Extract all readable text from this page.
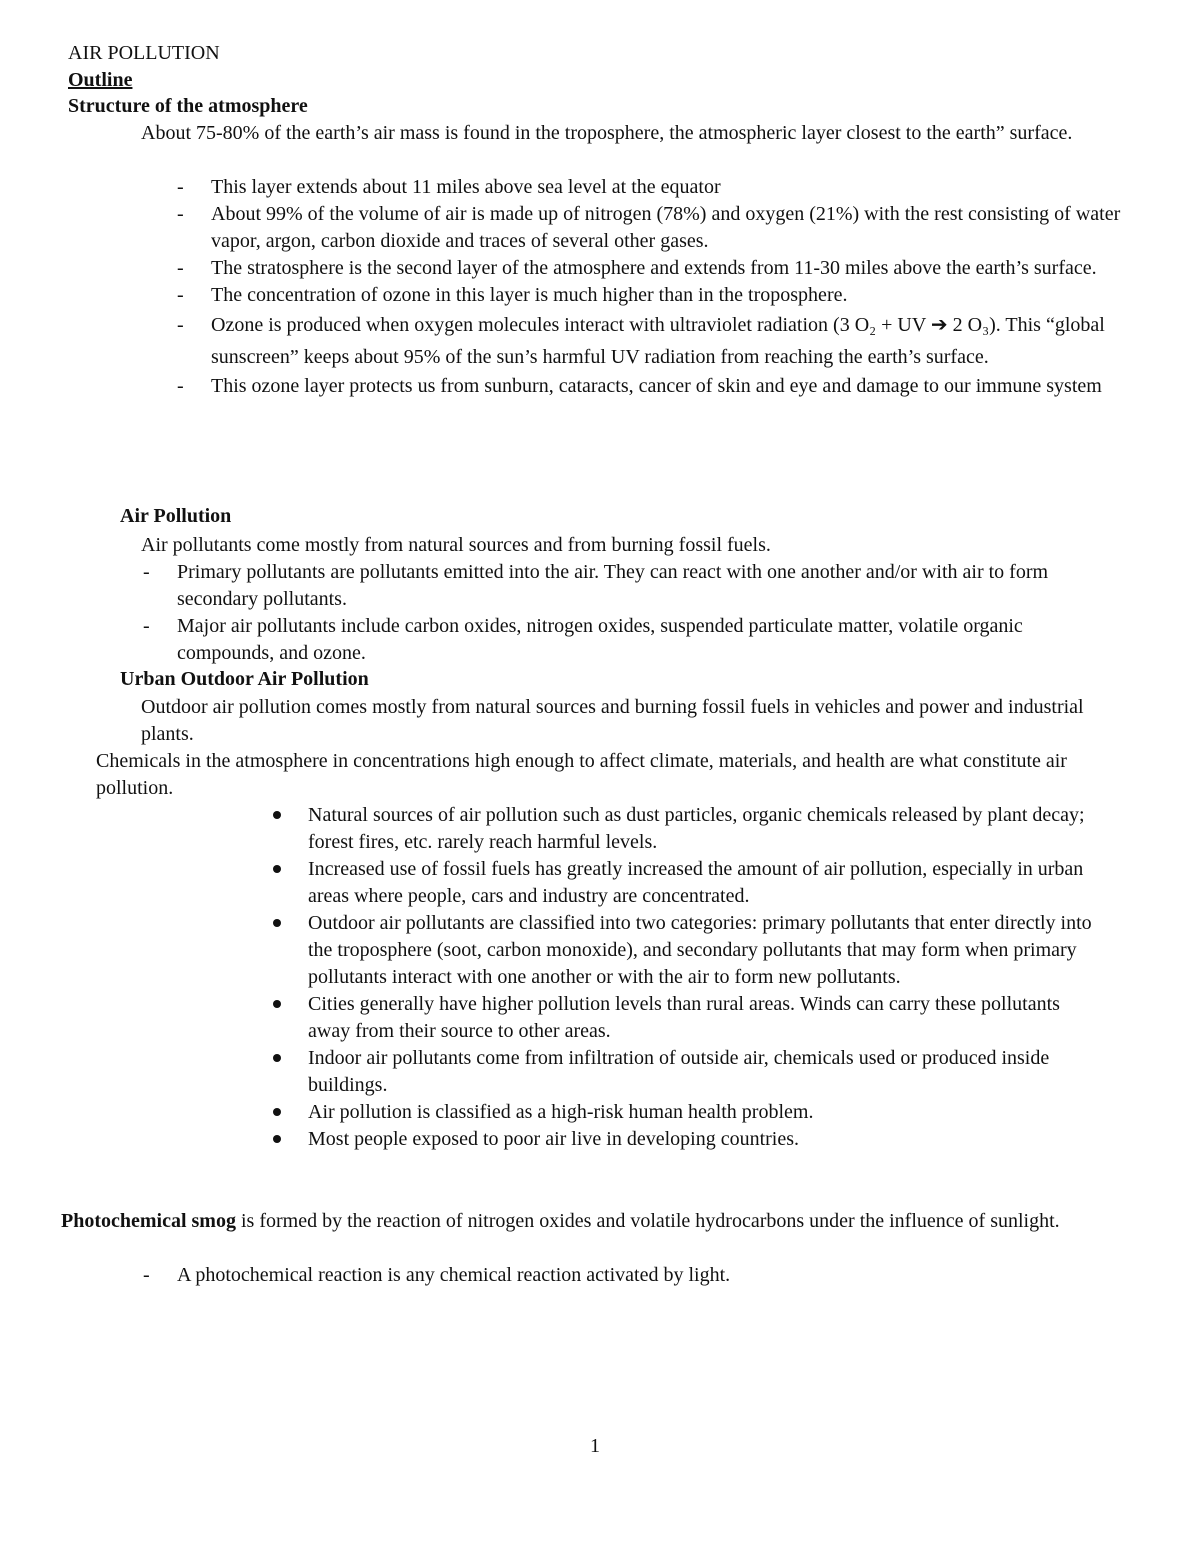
AIR POLLUTION
Outline
Structure of the atmosphere

About 75-80% of the earth’s air mass is found in the troposphere, the atmospheric layer closest to the earth” surface.

- This layer extends about 11 miles above sea level at the equator
- About 99% of the volume of air is made up of nitrogen (78%) and oxygen (21%) with the rest consisting of water vapor, argon, carbon dioxide and traces of several other gases.
- The stratosphere is the second layer of the atmosphere and extends from 11-30 miles above the earth’s surface.
- The concentration of ozone in this layer is much higher than in the troposphere.
- Ozone is produced when oxygen molecules interact with ultraviolet radiation (3 O₂ + UV ➔ 2 O₃). This “global sunscreen” keeps about 95% of the sun’s harmful UV radiation from reaching the earth’s surface.
- This ozone layer protects us from sunburn, cataracts, cancer of skin and eye and damage to our immune system
Air Pollution

Air pollutants come mostly from natural sources and from burning fossil fuels.

- Primary pollutants are pollutants emitted into the air. They can react with one another and/or with air to form secondary pollutants.
- Major air pollutants include carbon oxides, nitrogen oxides, suspended particulate matter, volatile organic compounds, and ozone.
Urban Outdoor Air Pollution

Outdoor air pollution comes mostly from natural sources and burning fossil fuels in vehicles and power and industrial plants.

Chemicals in the atmosphere in concentrations high enough to affect climate, materials, and health are what constitute air pollution.

Natural sources of air pollution such as dust particles, organic chemicals released by plant decay; forest fires, etc. rarely reach harmful levels.
Increased use of fossil fuels has greatly increased the amount of air pollution, especially in urban areas where people, cars and industry are concentrated.
Outdoor air pollutants are classified into two categories: primary pollutants that enter directly into the troposphere (soot, carbon monoxide), and secondary pollutants that may form when primary pollutants interact with one another or with the air to form new pollutants.
Cities generally have higher pollution levels than rural areas. Winds can carry these pollutants away from their source to other areas.
Indoor air pollutants come from infiltration of outside air, chemicals used or produced inside buildings.
Air pollution is classified as a high-risk human health problem.
Most people exposed to poor air live in developing countries.

Photochemical smog is formed by the reaction of nitrogen oxides and volatile hydrocarbons under the influence of sunlight.

- A photochemical reaction is any chemical reaction activated by light.
1
